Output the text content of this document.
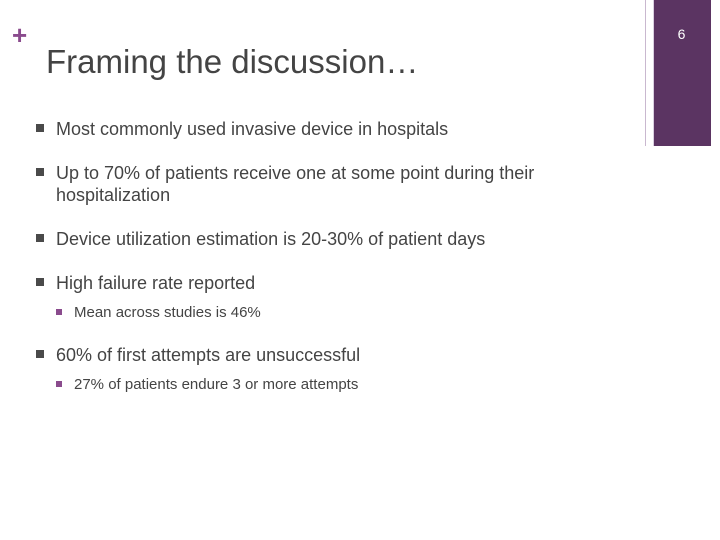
+
Framing the discussion…
6
Most commonly used invasive device in hospitals
Up to 70% of patients receive one at some point during their hospitalization
Device utilization estimation is 20-30% of patient days
High failure rate reported
Mean across studies is 46%
60% of first attempts are unsuccessful
27% of patients endure 3 or more attempts
